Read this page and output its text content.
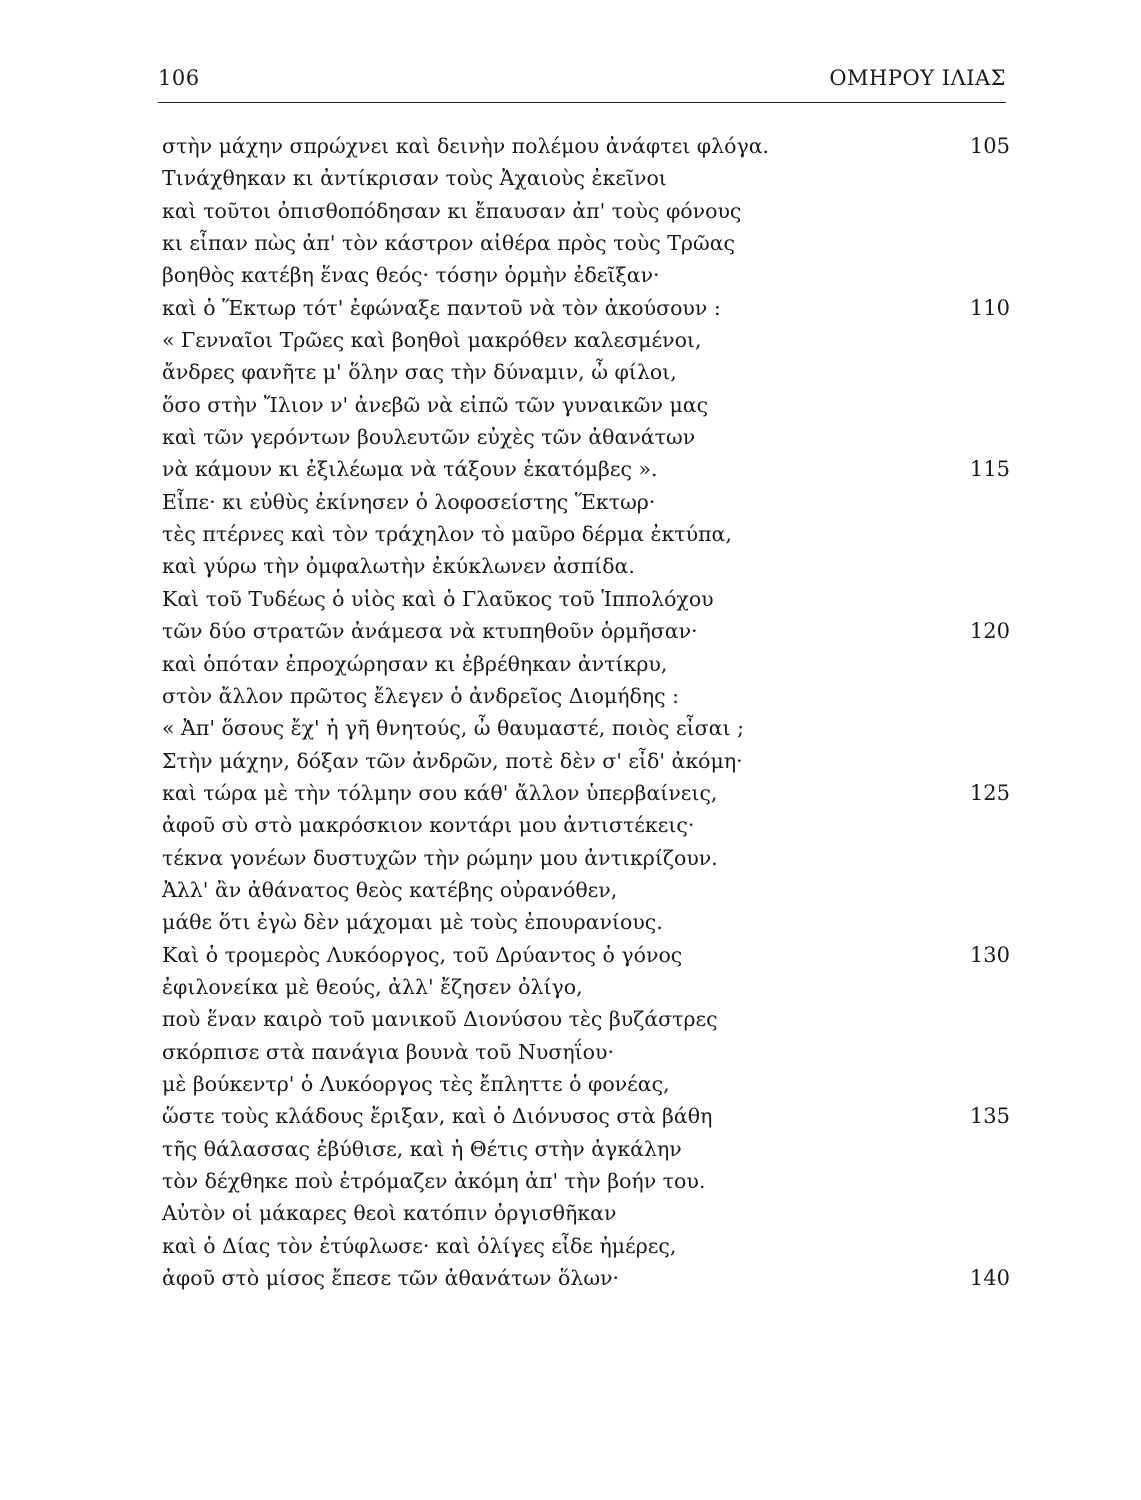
106	ΟΜΗΡΟΥ ΙΛΙΑΣ
στὴν μάχην σπρώχνει καὶ δεινὴν πολέμου ἀνάφτει φλόγα.	105
Τινάχθηκαν κι ἀντίκρισαν τοὺς Ἀχαιοὺς ἐκεῖνοι
καὶ τοῦτοι ὀπισθοπόδησαν κι ἔπαυσαν ἀπ' τοὺς φόνους
κι εἶπαν πὼς ἀπ' τὸν κάστρον αἰθέρα πρὸς τοὺς Τρῶας
βοηθὸς κατέβη ἕνας θεός· τόσην ὁρμὴν ἐδεῖξαν·
καὶ ὁ Ἕκτωρ τότ' ἐφώναξε παντοῦ νὰ τὸν ἀκούσουν :	110
« Γενναῖοι Τρῶες καὶ βοηθοὶ μακρόθεν καλεσμένοι,
ἄνδρες φανῆτε μ' ὅλην σας τὴν δύναμιν, ὦ φίλοι,
ὅσο στὴν Ἴλιον ν' ἀνεβῶ νὰ εἰπῶ τῶν γυναικῶν μας
καὶ τῶν γερόντων βουλευτῶν εὐχὲς τῶν ἀθανάτων
νὰ κάμουν κι ἐξιλέωμα νὰ τάξουν ἑκατόμβες ».	115
Εἶπε· κι εὐθὺς ἐκίνησεν ὁ λοφοσείστης Ἕκτωρ·
τὲς πτέρνες καὶ τὸν τράχηλον τὸ μαῦρο δέρμα ἐκτύπα,
καὶ γύρω τὴν ὀμφαλωτὴν ἐκύκλωνεν ἀσπίδα.
Καὶ τοῦ Τυδέως ὁ υἱὸς καὶ ὁ Γλαῦκος τοῦ Ἱππολόχου
τῶν δύο στρατῶν ἀνάμεσα νὰ κτυπηθοῦν ὁρμῆσαν·	120
καὶ ὁπόταν ἐπροχώρησαν κι ἐβρέθηκαν ἀντίκρυ,
στὸν ἄλλον πρῶτος ἔλεγεν ὁ ἀνδρεῖος Διομήδης :
« Ἀπ' ὅσους ἔχ' ἡ γῆ θνητούς, ὦ θαυμαστέ, ποιὸς εἶσαι ;
Στὴν μάχην, δόξαν τῶν ἀνδρῶν, ποτὲ δὲν σ' εἶδ' ἀκόμη·
καὶ τώρα μὲ τὴν τόλμην σου κάθ' ἄλλον ὑπερβαίνεις,	125
ἀφοῦ σὺ στὸ μακρόσκιον κοντάρι μου ἀντιστέκεις·
τέκνα γονέων δυστυχῶν τὴν ρώμην μου ἀντικρίζουν.
Ἀλλ' ἂν ἀθάνατος θεὸς κατέβης οὐρανόθεν,
μάθε ὅτι ἐγὼ δὲν μάχομαι μὲ τοὺς ἐπουρανίους.
Καὶ ὁ τρομερὸς Λυκόοργος, τοῦ Δρύαντος ὁ γόνος	130
ἐφιλονείκα μὲ θεούς, ἀλλ' ἔζησεν ὀλίγο,
ποὺ ἕναν καιρὸ τοῦ μανικοῦ Διονύσου τὲς βυζάστρες
σκόρπισε στὰ πανάγια βουνὰ τοῦ Νυσηΐου·
μὲ βούκεντρ' ὁ Λυκόοργος τὲς ἔπληττε ὁ φονέας,
ὥστε τοὺς κλάδους ἔριξαν, καὶ ὁ Διόνυσος στὰ βάθη	135
τῆς θάλασσας ἐβύθισε, καὶ ἡ Θέτις στὴν ἀγκάλην
τὸν δέχθηκε ποὺ ἐτρόμαζεν ἀκόμη ἀπ' τὴν βοήν του.
Αὐτὸν οἱ μάκαρες θεοὶ κατόπιν ὀργισθῆκαν
καὶ ὁ Δίας τὸν ἐτύφλωσε· καὶ ὀλίγες εἶδε ἡμέρες,
ἀφοῦ στὸ μίσος ἔπεσε τῶν ἀθανάτων ὅλων·	140
